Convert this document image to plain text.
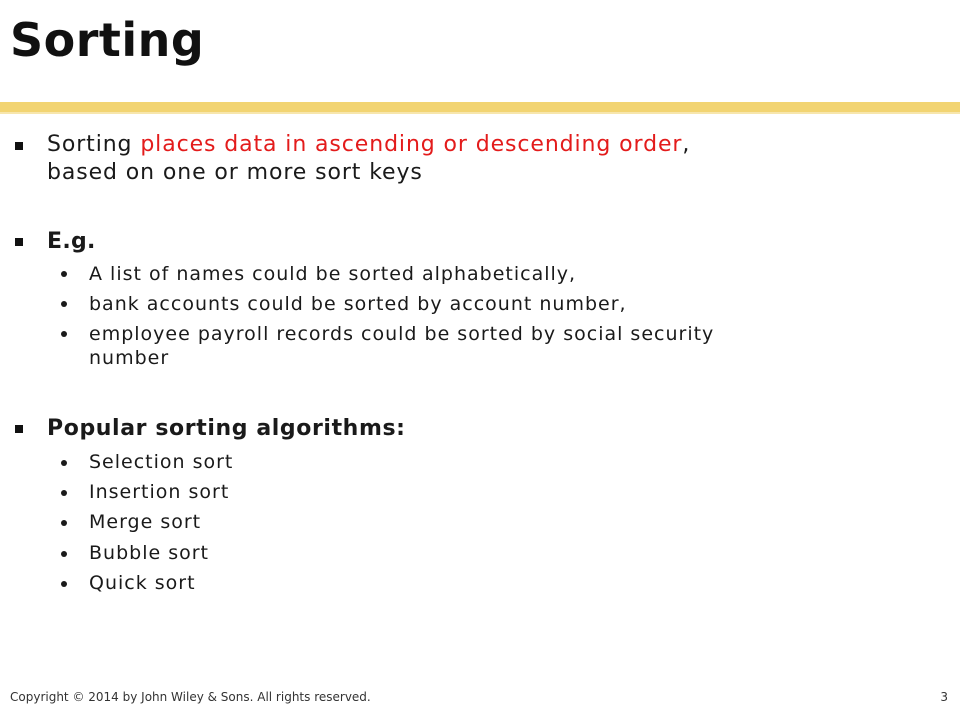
Sorting
Sorting places data in ascending or descending order,
based on one or more sort keys
E.g.
A list of names could be sorted alphabetically,
bank accounts could be sorted by account number,
employee payroll records could be sorted by social security
number
Popular sorting algorithms:
Selection sort
Insertion sort
Merge sort
Bubble sort
Quick sort
Copyright © 2014 by John Wiley & Sons. All rights reserved.	3
